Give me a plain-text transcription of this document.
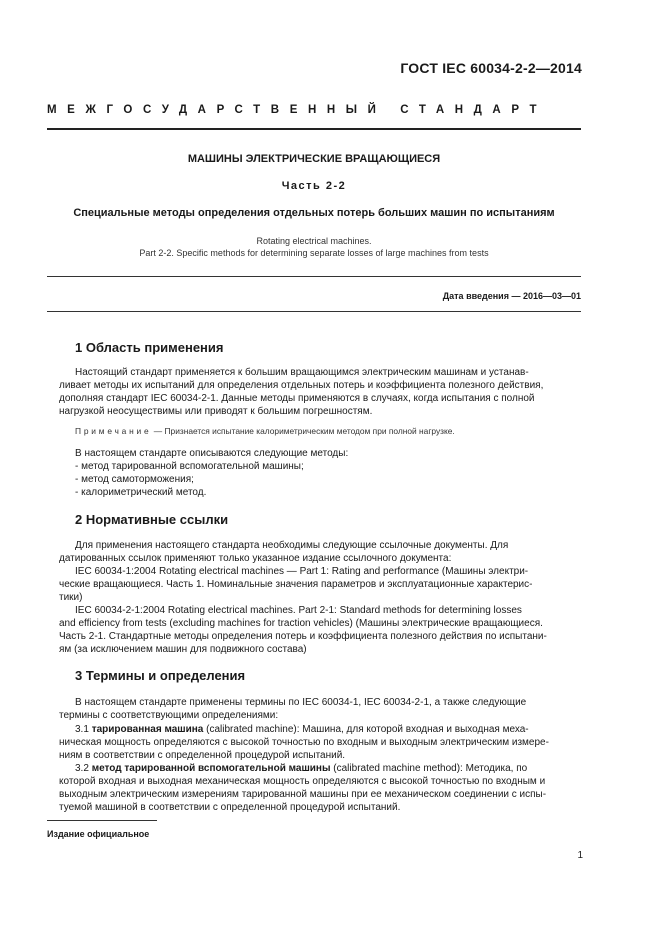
ГОСТ IEC 60034-2-2—2014
МЕЖГОСУДАРСТВЕННЫЙ СТАНДАРТ
МАШИНЫ ЭЛЕКТРИЧЕСКИЕ ВРАЩАЮЩИЕСЯ
Часть 2-2
Специальные методы определения отдельных потерь больших машин по испытаниям
Rotating electrical machines.
Part 2-2. Specific methods for determining separate losses of large machines from tests
Дата введения — 2016—03—01
1 Область применения
Настоящий стандарт применяется к большим вращающимся электрическим машинам и устанав-
ливает методы их испытаний для определения отдельных потерь и коэффициента полезного действия,
дополняя стандарт IEC 60034-2-1. Данные методы применяются в случаях, когда испытания с полной
нагрузкой неосуществимы или приводят к большим погрешностям.
Примечание — Признается испытание калориметрическим методом при полной нагрузке.
В настоящем стандарте описываются следующие методы:
- метод тарированной вспомогательной машины;
- метод самоторможения;
- калориметрический метод.
2 Нормативные ссылки
Для применения настоящего стандарта необходимы следующие ссылочные документы. Для
датированных ссылок применяют только указанное издание ссылочного документа:
IEC 60034-1:2004 Rotating electrical machines — Part 1: Rating and performance (Машины электри-
ческие вращающиеся. Часть 1. Номинальные значения параметров и эксплуатационные характерис-
тики)
IEC 60034-2-1:2004 Rotating electrical machines. Part 2-1: Standard methods for determining losses
and efficiency from tests (excluding machines for traction vehicles) (Машины электрические вращающиеся.
Часть 2-1. Стандартные методы определения потерь и коэффициента полезного действия по испытани-
ям (за исключением машин для подвижного состава)
3 Термины и определения
В настоящем стандарте применены термины по IEC 60034-1, IEC 60034-2-1, а также следующие
термины с соответствующими определениями:
3.1 тарированная машина (calibrated machine): Машина, для которой входная и выходная меха-
ническая мощность определяются с высокой точностью по входным и выходным электрическим измере-
ниям в соответствии с определенной процедурой испытаний.
3.2 метод тарированной вспомогательной машины (calibrated machine method): Методика, по
которой входная и выходная механическая мощность определяются с высокой точностью по входным и
выходным электрическим измерениям тарированной машины при ее механическом соединении с испы-
туемой машиной в соответствии с определенной процедурой испытаний.
Издание официальное
1
